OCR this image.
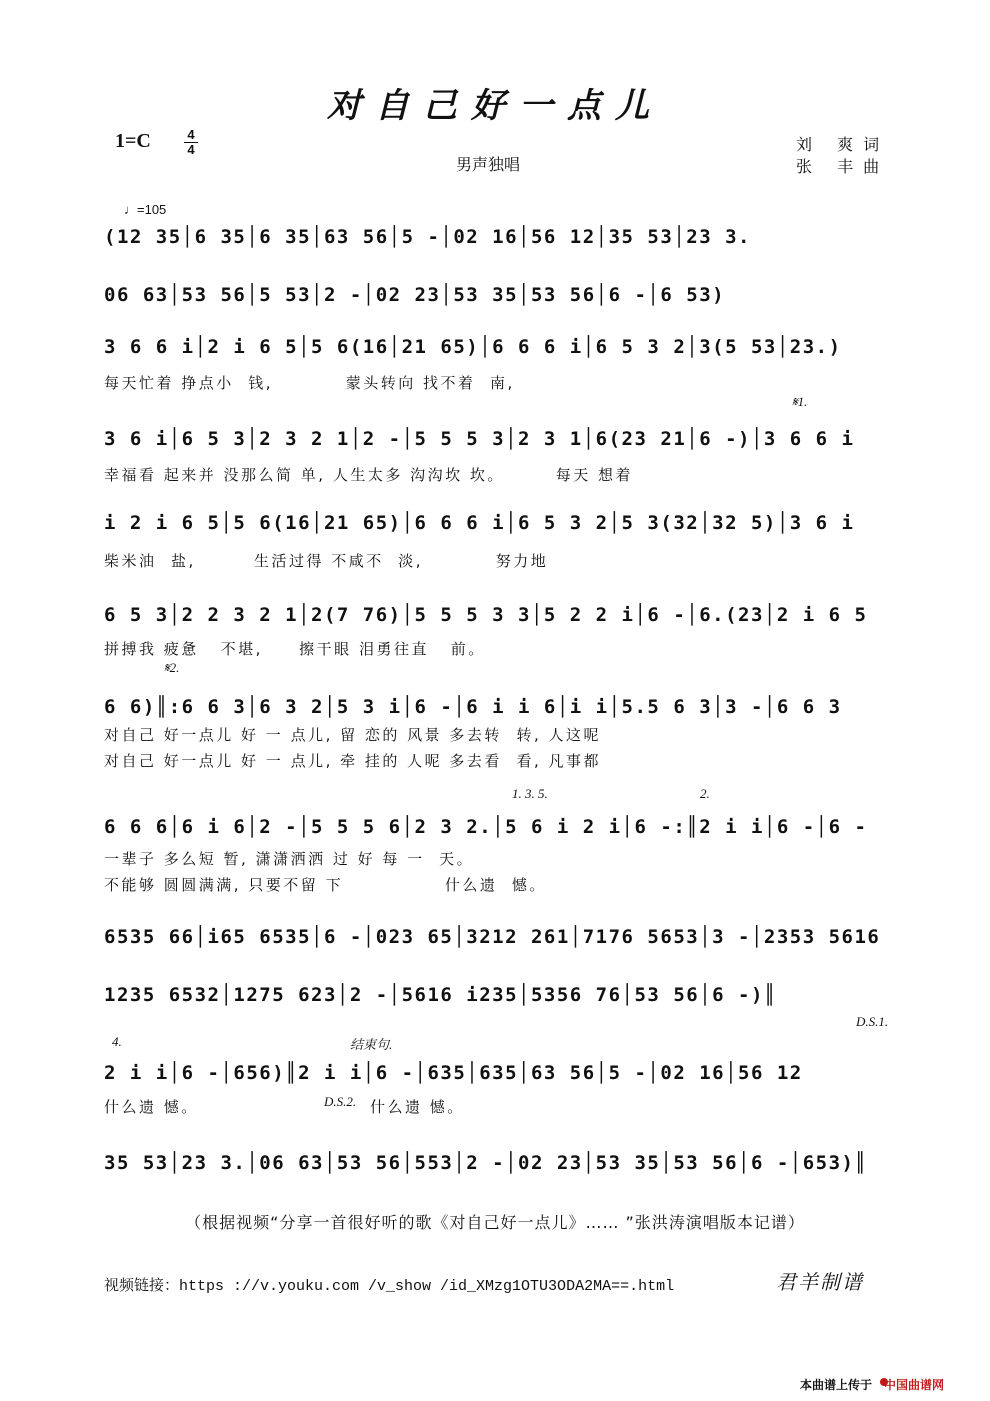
对自己好一点儿
1=C	$\frac{4}{4}$
男声独唱
刘 爽词
张 丰曲
♩=105
(12 35│6 35│6 35│63 56│5 -│02 16│56 12│35 53│23 3.
06 63│53 56│5 53│2 -│02 23│53 35│53 56│6 -│6 53)
3 6 6 i│2 i 6 5│5 6(16│21 65)│6 6 6 i│6 5 3 2│3(5 53│23.)
每天忙着 挣点小  钱,          蒙头转向 找不着  南,
𝄋1.
3 6 i│6 5 3│2 3 2 1│2 -│5 5 5 3│2 3 1│6(23 21│6 -)│3 6 6 i
幸福看 起来并 没那么简 单, 人生太多 沟沟坎 坎。       每天 想着
i 2 i 6 5│5 6(16│21 65)│6 6 6 i│6 5 3 2│5 3(32│32 5)│3 6 i
柴米油  盐,        生活过得 不咸不  淡,          努力地
6 5 3│2 2 3 2 1│2(7 76)│5 5 5 3 3│5 2 2 i│6 -│6.(23│2 i 6 5
拼搏我 疲惫   不堪,     擦干眼 泪勇往直   前。
𝄋2.
6 6)║:6 6 3│6 3 2│5 3 i│6 -│6 i i 6│i i│5.5 6 3│3 -│6 6 3
对自己 好一点儿 好 一 点儿, 留 恋的 风景 多去转  转, 人这呢
对自己 好一点儿 好 一 点儿, 牵 挂的 人呢 多去看  看, 凡事都
1. 3. 5.	2.
6 6 6│6 i 6│2 -│5 5 5 6│2 3 2.│5 6 i 2 i│6 -:║2 i i│6 -│6 -
一辈子 多么短 暂, 潇潇洒洒 过 好 每 一  天。
不能够 圆圆满满, 只要不留 下              什么遗  憾。
6535 66│i65 6535│6 -│023 65│3212 261│7176 5653│3 -│2353 5616
1235 6532│1275 623│2 -│5616 i235│5356 76│53 56│6 -)║
D.S.1.
4.	结束句.
2 i i│6 -│656)║2 i i│6 -│635│635│63 56│5 -│02 16│56 12
什么遗 憾。	D.S.2. 什么遗 憾。
35 53│23 3.│06 63│53 56│553│2 -│02 23│53 35│53 56│6 -│653)║
（根据视频“分享一首很好听的歌《对自己好一点儿》…… ”张洪涛演唱版本记谱）
视频链接：https ://v.youku.com /v_show /id_XMzg1OTU3ODA2MA==.html	君羊制谱
本曲谱上传于 中国曲谱网
